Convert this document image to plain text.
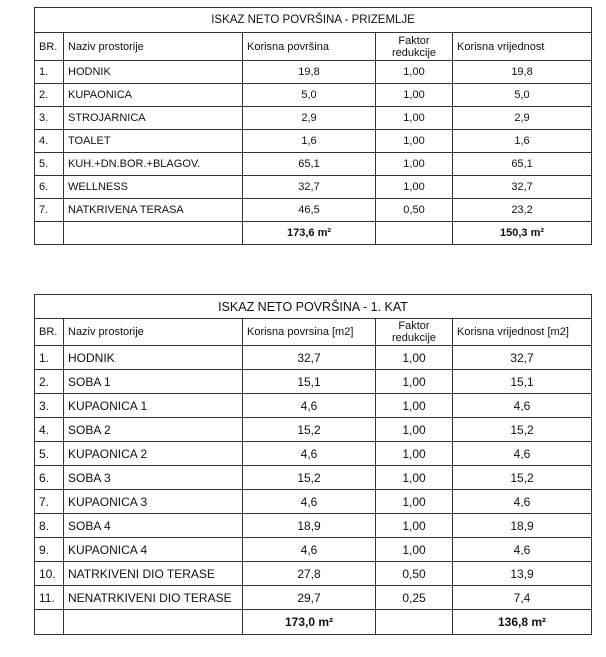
ISKAZ NETO POVRŠINA - PRIZEMLJE				
BR.	Naziv prostorije	Korisna površina	Faktor
redukcije	Korisna vrijednost
1.	HODNIK	19,8	1,00	19,8
2.	KUPAONICA	5,0	1,00	5,0
3.	STROJARNICA	2,9	1,00	2,9
4.	TOALET	1,6	1,00	1,6
5.	KUH.+DN.BOR.+BLAGOV.	65,1	1,00	65,1
6.	WELLNESS	32,7	1,00	32,7
7.	NATKRIVENA TERASA	46,5	0,50	23,2
		173,6 m²		150,3 m²
ISKAZ NETO POVRŠINA - 1. KAT				
BR.	Naziv prostorije	Korisna povrsina [m2]	Faktor
redukcije	Korisna vrijednost [m2]
1.	HODNIK	32,7	1,00	32,7
2.	SOBA 1	15,1	1,00	15,1
3.	KUPAONICA 1	4,6	1,00	4,6
4.	SOBA 2	15,2	1,00	15,2
5.	KUPAONICA 2	4,6	1,00	4,6
6.	SOBA 3	15,2	1,00	15,2
7.	KUPAONICA 3	4,6	1,00	4,6
8.	SOBA 4	18,9	1,00	18,9
9.	KUPAONICA 4	4,6	1,00	4,6
10.	NATRKIVENI DIO TERASE	27,8	0,50	13,9
11.	NENATRKIVENI DIO TERASE	29,7	0,25	7,4
		173,0 m²		136,8 m²
